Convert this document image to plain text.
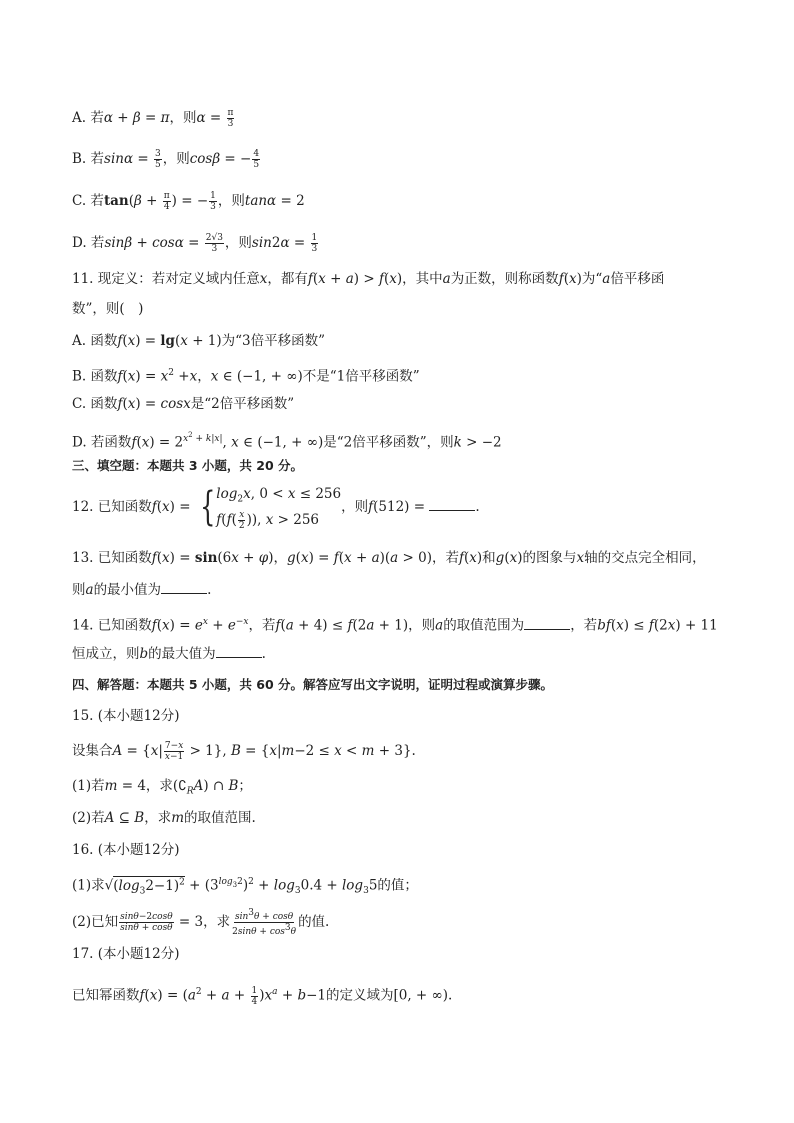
A. 若α + β = π，则$\alpha = \frac{\pi}{3}$
B. 若$\sin\alpha = \frac{3}{5}$ ，则cosβ = − $\frac{4}{5}$
C. 若$\tan(\beta + \frac{\pi}{4}$ ) = − $\frac{1}{3}$ ，则tanα = 2
D. 若$\sin\beta + \cos\alpha = \frac{2√3}{3}$ ，则$\sin 2\alpha = \frac{1}{3}$
11. 现定义：若对定义域内任意x，都有f(x + a) > f(x)，其中a为正数，则称函数f(x)为“a倍平移函
数”，则(　)
A. 函数f(x) = lg(x + 1)为“3倍平移函数”
B. 函数$f(x) = x^2 +x$，x ∈ (−1, + ∞)不是“1倍平移函数”
C. 函数f(x) = cosx是“2倍平移函数”
D. 若函数$f(x) = 2^{x^2 + k|x|}$, x ∈ (−1, + ∞)是“2倍平移函数”，则k > −2
三、填空题：本题共 3 小题，共 20 分。
12. 已知函数f(x) = { $\log_2x$, 0 < x ≤ 256
$f(f( \frac{x}{2}$ )), x > 256
，则f(512) =	.
13. 已知函数f(x) = sin(6x + φ)，g(x) = f(x + a)(a > 0)，若f(x)和g(x)的图象与x轴的交点完全相同，
则a的最小值为	.
14. 已知函数$f(x) = e^x + e^{-x}$，若f(a + 4) ≤ f(2a + 1)，则a的取值范围为	，若bf(x) ≤ f(2x) + 11
恒成立，则b的最大值为	.
四、解答题：本题共 5 小题，共 60 分。解答应写出文字说明，证明过程或演算步骤。
15. (本小题12分)
设集合$A = \{x| \frac{7-x}{x-1} > 1\}$, B = {x|m−2 ≤ x < m + 3}.
(1)若m = 4，求$(∁_RA)$ ∩ B；
(2)若A ⊆ B，求m的取值范围.
16. (本小题12分)
(1)求$√(\log_32-1)^2 + (3^{log_32})^2 + \log_30.4 + \log_35$的值；
(2)已知 $\frac{\sin\theta-2\cos\theta}{\sin\theta + \cos\theta} = 3$，求 $\frac{\sin^3\theta + \cos\theta}{2\sin\theta + \cos^3\theta}$ 的值.
17. (本小题12分)
已知幂函数$f(x) = (a^2 + a + \frac{1}{4} )x^a + b-1$的定义域为[0, + ∞).
